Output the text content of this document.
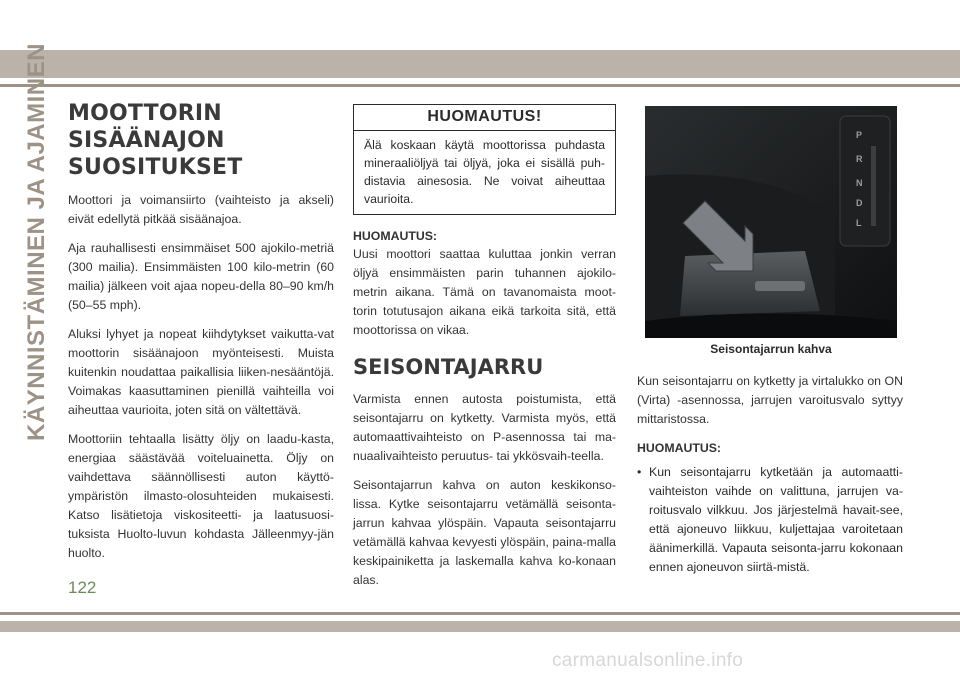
KÄYNNISTÄMINEN JA AJAMINEN MOOTTORIN SISÄÄNAJON SUOSITUKSET

Moottori ja voimansiirto (vaihteisto ja akseli) eivät edellytä pitkää sisäänajoa.

Aja rauhallisesti ensimmäiset 500 ajokilo-metriä (300 mailia). Ensimmäisten 100 kilo-metrin (60 mailia) jälkeen voit ajaa nopeu-della 80–90 km/h (50–55 mph).

Aluksi lyhyet ja nopeat kiihdytykset vaikutta-vat moottorin sisäänajoon myönteisesti. Muista kuitenkin noudattaa paikallisia liiken-nesääntöjä. Voimakas kaasuttaminen pienillä vaihteilla voi aiheuttaa vaurioita, joten sitä on vältettävä.

Moottoriin tehtaalla lisätty öljy on laadu-kasta, energiaa säästävää voiteluainetta. Öljy on vaihdettava säännöllisesti auton käyttö-ympäristön ilmasto-olosuhteiden mukaisesti. Katso lisätietoja viskositeetti- ja laatusuosi-tuksista Huolto-luvun kohdasta Jälleenmyy-jän huolto.

HUOMAUTUS!
Älä koskaan käytä moottorissa puhdasta mineraaliöljyä tai öljyä, joka ei sisällä puh-distavia ainesosia. Ne voivat aiheuttaa vaurioita.
HUOMAUTUS:

Uusi moottori saattaa kuluttaa jonkin verran öljyä ensimmäisten parin tuhannen ajokilo-metrin aikana. Tämä on tavanomaista moot-torin totutusajon aikana eikä tarkoita sitä, että moottorissa on vikaa.

SEISONTAJARRU

Varmista ennen autosta poistumista, että seisontajarru on kytketty. Varmista myös, että automaattivaihteisto on P-asennossa tai ma-nuaalivaihteisto peruutus- tai ykkösvaih-teella.

Seisontajarrun kahva on auton keskikonso-lissa. Kytke seisontajarru vetämällä seisonta-jarrun kahvaa ylöspäin. Vapauta seisontajarru vetämällä kahvaa kevyesti ylöspäin, paina-malla keskipainiketta ja laskemalla kahva ko-konaan alas.

P
R
N
D
L
Seisontajarrun kahva

Kun seisontajarru on kytketty ja virtalukko on ON (Virta) -asennossa, jarrujen varoitusvalo syttyy mittaristossa.

HUOMAUTUS:
• Kun seisontajarru kytketään ja automaatti-vaihteiston vaihde on valittuna, jarrujen va-roitusvalo vilkkuu. Jos järjestelmä havait-see, että ajoneuvo liikkuu, kuljettajaa varoitetaan äänimerkillä. Vapauta seisonta-jarru kokonaan ennen ajoneuvon siirtä-mistä.
122
carmanualsonline.info
